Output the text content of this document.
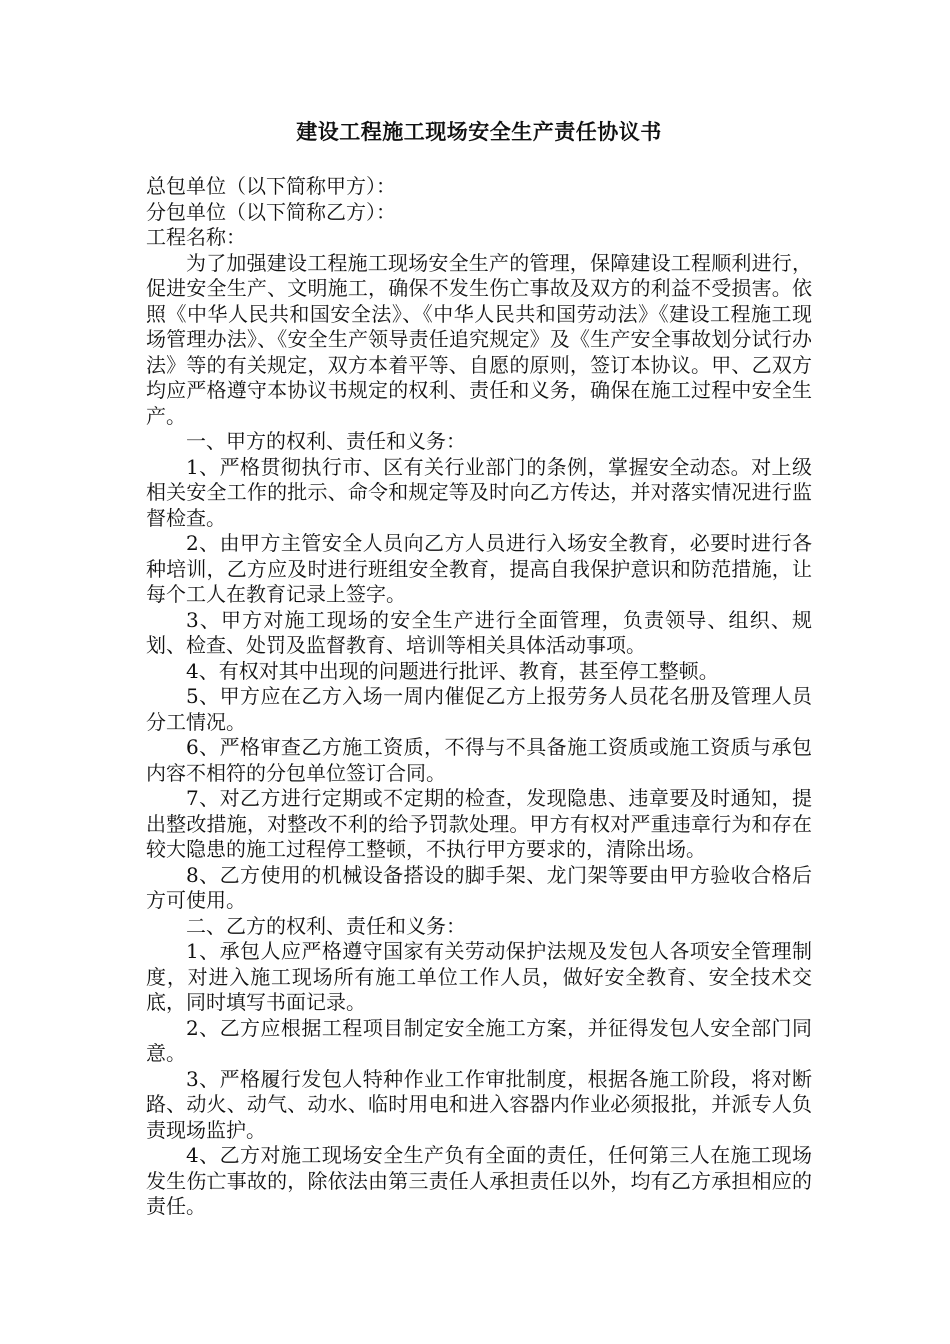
建设工程施工现场安全生产责任协议书
总包单位（以下简称甲方）：
分包单位（以下简称乙方）：
工程名称：

为了加强建设工程施工现场安全生产的管理，保障建设工程顺利进行，促进安全生产、文明施工，确保不发生伤亡事故及双方的利益不受损害。依照《中华人民共和国安全法》、《中华人民共和国劳动法》《建设工程施工现场管理办法》、《安全生产领导责任追究规定》及《生产安全事故划分试行办法》等的有关规定，双方本着平等、自愿的原则，签订本协议。甲、乙双方均应严格遵守本协议书规定的权利、责任和义务，确保在施工过程中安全生产。

一、甲方的权利、责任和义务：

1、严格贯彻执行市、区有关行业部门的条例，掌握安全动态。对上级相关安全工作的批示、命令和规定等及时向乙方传达，并对落实情况进行监督检查。

2、由甲方主管安全人员向乙方人员进行入场安全教育，必要时进行各种培训，乙方应及时进行班组安全教育，提高自我保护意识和防范措施，让每个工人在教育记录上签字。

3、甲方对施工现场的安全生产进行全面管理，负责领导、组织、规划、检查、处罚及监督教育、培训等相关具体活动事项。

4、有权对其中出现的问题进行批评、教育，甚至停工整顿。

5、甲方应在乙方入场一周内催促乙方上报劳务人员花名册及管理人员分工情况。

6、严格审查乙方施工资质，不得与不具备施工资质或施工资质与承包内容不相符的分包单位签订合同。

7、对乙方进行定期或不定期的检查，发现隐患、违章要及时通知，提出整改措施，对整改不利的给予罚款处理。甲方有权对严重违章行为和存在较大隐患的施工过程停工整顿，不执行甲方要求的，清除出场。

8、乙方使用的机械设备搭设的脚手架、龙门架等要由甲方验收合格后方可使用。

二、乙方的权利、责任和义务：

1、承包人应严格遵守国家有关劳动保护法规及发包人各项安全管理制度，对进入施工现场所有施工单位工作人员，做好安全教育、安全技术交底，同时填写书面记录。

2、乙方应根据工程项目制定安全施工方案，并征得发包人安全部门同意。

3、严格履行发包人特种作业工作审批制度，根据各施工阶段，将对断路、动火、动气、动水、临时用电和进入容器内作业必须报批，并派专人负责现场监护。

4、乙方对施工现场安全生产负有全面的责任，任何第三人在施工现场发生伤亡事故的，除依法由第三责任人承担责任以外，均有乙方承担相应的责任。
